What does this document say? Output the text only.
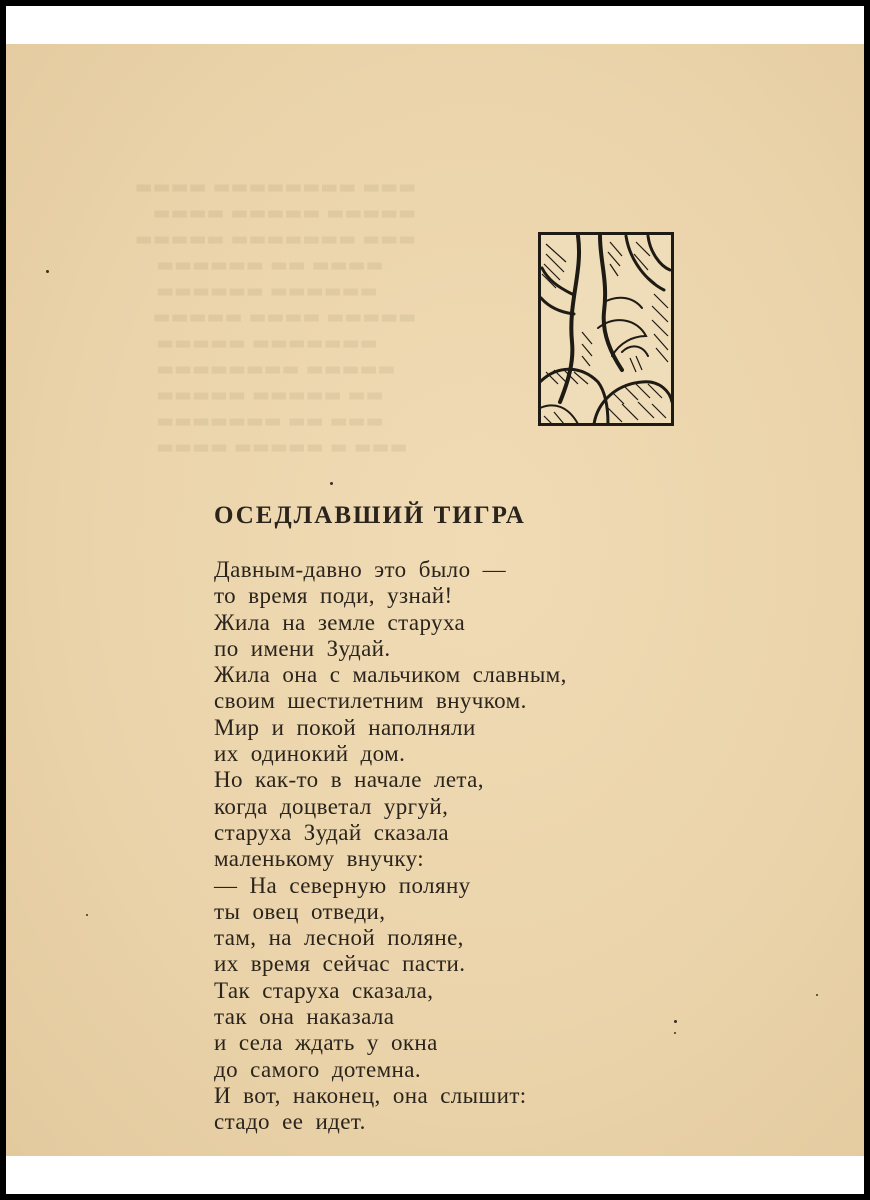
▬▬▬ ▬▬▬▬▬▬▬▬ ▬▬▬▬
▬▬▬▬▬ ▬▬▬▬▬ ▬▬▬▬
▬▬▬ ▬▬▬▬▬▬▬ ▬▬▬▬▬
▬▬▬▬ ▬▬ ▬▬▬▬▬▬
▬▬▬▬▬▬ ▬▬▬▬▬▬
▬▬▬▬▬ ▬▬▬▬ ▬▬▬▬▬
▬▬▬▬▬▬▬ ▬▬▬▬▬
▬▬▬▬▬ ▬▬▬▬▬▬▬▬
▬▬ ▬▬▬▬▬ ▬▬▬▬▬
▬▬▬ ▬▬ ▬▬▬▬▬▬▬
▬▬▬ ▬ ▬▬▬▬▬ ▬▬▬▬
ОСЕДЛАВШИЙ ТИГРА
Давным-давно это было —
то время поди, узнай!
Жила на земле старуха
по имени Зудай.
Жила она с мальчиком славным,
своим шестилетним внучком.
Мир и покой наполняли
их одинокий дом.
Но как-то в начале лета,
когда доцветал ургуй,
старуха Зудай сказала
маленькому внучку:
— На северную поляну
ты овец отведи,
там, на лесной поляне,
их время сейчас пасти.
Так старуха сказала,
так она наказала
и села ждать у окна
до самого дотемна.
И вот, наконец, она слышит:
стадо ее идет.
